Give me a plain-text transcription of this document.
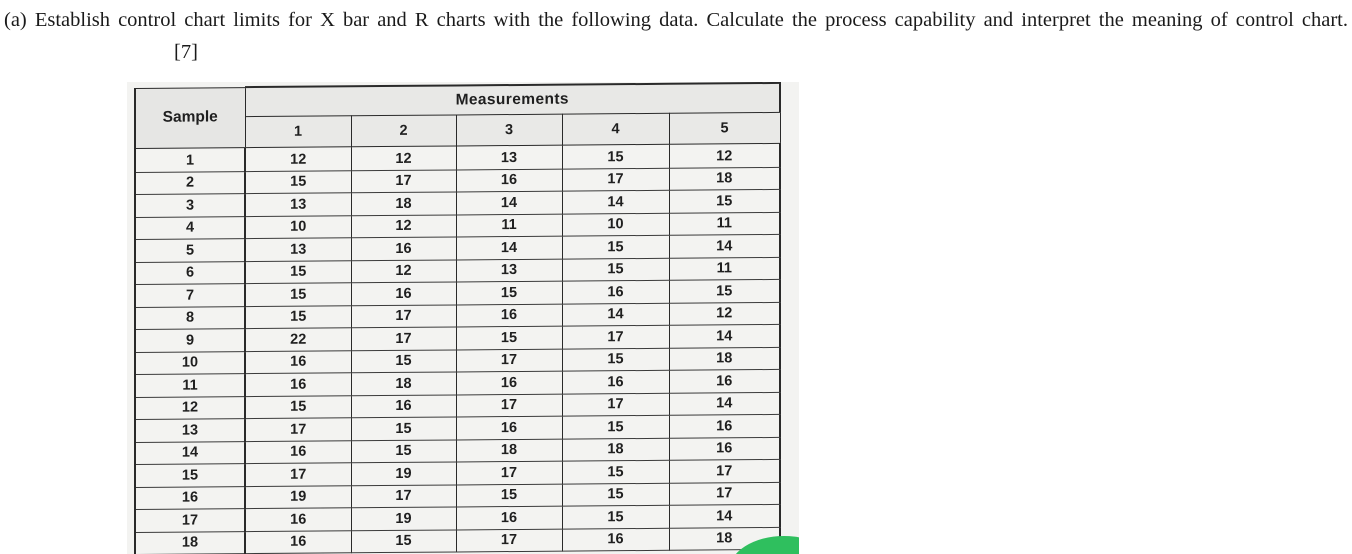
(a) Establish control chart limits for X bar and R charts with the following data. Calculate the process capability and interpret the meaning of control chart.[7]
Sample	Measurements				
	1	2	3	4	5
1	12	12	13	15	12
2	15	17	16	17	18
3	13	18	14	14	15
4	10	12	11	10	11
5	13	16	14	15	14
6	15	12	13	15	11
7	15	16	15	16	15
8	15	17	16	14	12
9	22	17	15	17	14
10	16	15	17	15	18
11	16	18	16	16	16
12	15	16	17	17	14
13	17	15	16	15	16
14	16	15	18	18	16
15	17	19	17	15	17
16	19	17	15	15	17
17	16	19	16	15	14
18	16	15	17	16	18
